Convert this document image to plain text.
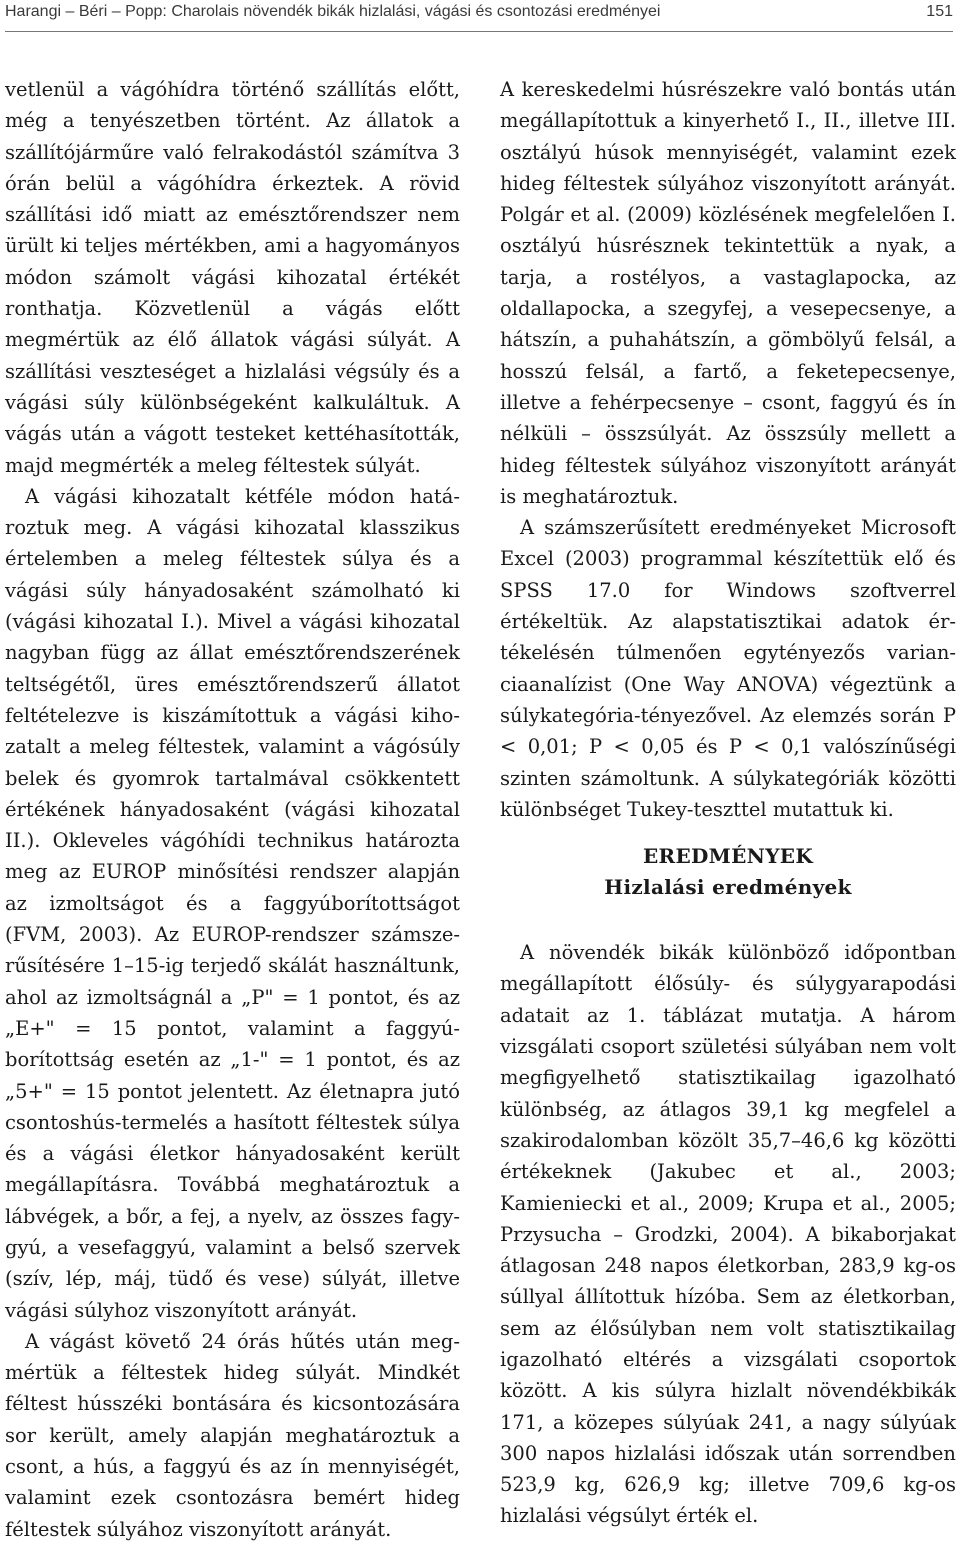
Harangi – Béri – Popp: Charolais növendék bikák hizlalási, vágási és csontozási eredményei	151

vetlenül a vágóhídra történő szállítás előtt, még a tenyészetben történt. Az állatok a szállítójárműre való felrakodástól számítva 3 órán belül a vágóhídra érkeztek. A rövid szállítási idő miatt az emésztőrendszer nem ürült ki teljes mértékben, ami a hagyományos módon számolt vágási kihozatal értékét ronthatja. Közvetlenül a vágás előtt megmértük az élő állatok vágási súlyát. A szállítási veszteséget a hizlalási végsúly és a vágási súly különbségeként kalkuláltuk. A vágás után a vágott testeket kettéhasították, majd megmérték a meleg féltestek súlyát.

A vágási kihozatalt kétféle módon határoztuk meg. A vágási kihozatal klasszikus értelemben a meleg féltestek súlya és a vágási súly hányadosaként számolható ki (vágási kihozatal I.). Mivel a vágási kihozatal nagyban függ az állat emésztőrendszerének teltségétől, üres emésztőrendszerű állatot feltételezve is kiszámítottuk a vágási kihozatalt a meleg féltestek, valamint a vágósúly belek és gyomrok tartalmával csökkentett értékének hányadosaként (vágási kihozatal II.). Okleveles vágóhídi technikus határozta meg az EUROP minősítési rendszer alapján az izmoltságot és a faggyúborítottságot (FVM, 2003). Az EUROP-rendszer számszerűsítésére 1–15-ig terjedő skálát használtunk, ahol az izmoltságnál a „P" = 1 pontot, és az „E+" = 15 pontot, valamint a faggyúborítottság esetén az „1-" = 1 pontot, és az „5+" = 15 pontot jelentett. Az életnapra jutó csontoshús-termelés a hasított féltestek súlya és a vágási életkor hányadosaként került megállapításra. Továbbá meghatároztuk a lábvégek, a bőr, a fej, a nyelv, az összes fagygyú, a vesefaggyú, valamint a belső szervek (szív, lép, máj, tüdő és vese) súlyát, illetve vágási súlyhoz viszonyított arányát.

A vágást követő 24 órás hűtés után megmértük a féltestek hideg súlyát. Mindkét féltest hússzéki bontására és kicsontozására sor került, amely alapján meghatároztuk a csont, a hús, a faggyú és az ín mennyiségét, valamint ezek csontozásra bemért hideg féltestek súlyához viszonyított arányát.

A kereskedelmi húsrészekre való bontás után megállapítottuk a kinyerhető I., II., illetve III. osztályú húsok mennyiségét, valamint ezek hideg féltestek súlyához viszonyított arányát. Polgár et al. (2009) közlésének megfelelően I. osztályú húsrésznek tekintettük a nyak, a tarja, a rostélyos, a vastaglapocka, az oldallapocka, a szegyfej, a vesepecsenye, a hátszín, a puhahátszín, a gömbölyű felsál, a hosszú felsál, a fartő, a feketepecsenye, illetve a fehérpecsenye – csont, faggyú és ín nélküli – összsúlyát. Az összsúly mellett a hideg féltestek súlyához viszonyított arányát is meghatároztuk.

A számszerűsített eredményeket Microsoft Excel (2003) programmal készítettük elő és SPSS 17.0 for Windows szoftverrel értékeltük. Az alapstatisztikai adatok értékelésén túlmenően egytényezős varianciaanalízist (One Way ANOVA) végeztünk a súlykategória-tényezővel. Az elemzés során P < 0,01; P < 0,05 és P < 0,1 valószínűségi szinten számoltunk. A súlykategóriák közötti különbséget Tukey-teszttel mutattuk ki.

EREDMÉNYEK
Hizlalási eredmények

A növendék bikák különböző időpontban megállapított élősúly- és súlygyarapodási adatait az 1. táblázat mutatja. A három vizsgálati csoport születési súlyában nem volt megfigyelhető statisztikailag igazolható különbség, az átlagos 39,1 kg megfelel a szakirodalomban közölt 35,7–46,6 kg közötti értékeknek (Jakubec et al., 2003; Kamieniecki et al., 2009; Krupa et al., 2005; Przysucha – Grodzki, 2004). A bikaborjakat átlagosan 248 napos életkorban, 283,9 kg-os súllyal állítottuk hízóba. Sem az életkorban, sem az élősúlyban nem volt statisztikailag igazolható eltérés a vizsgálati csoportok között. A kis súlyra hizlalt növendékbikák 171, a közepes súlyúak 241, a nagy súlyúak 300 napos hizlalási időszak után sorrendben 523,9 kg, 626,9 kg; illetve 709,6 kg-os hizlalási végsúlyt érték el.
